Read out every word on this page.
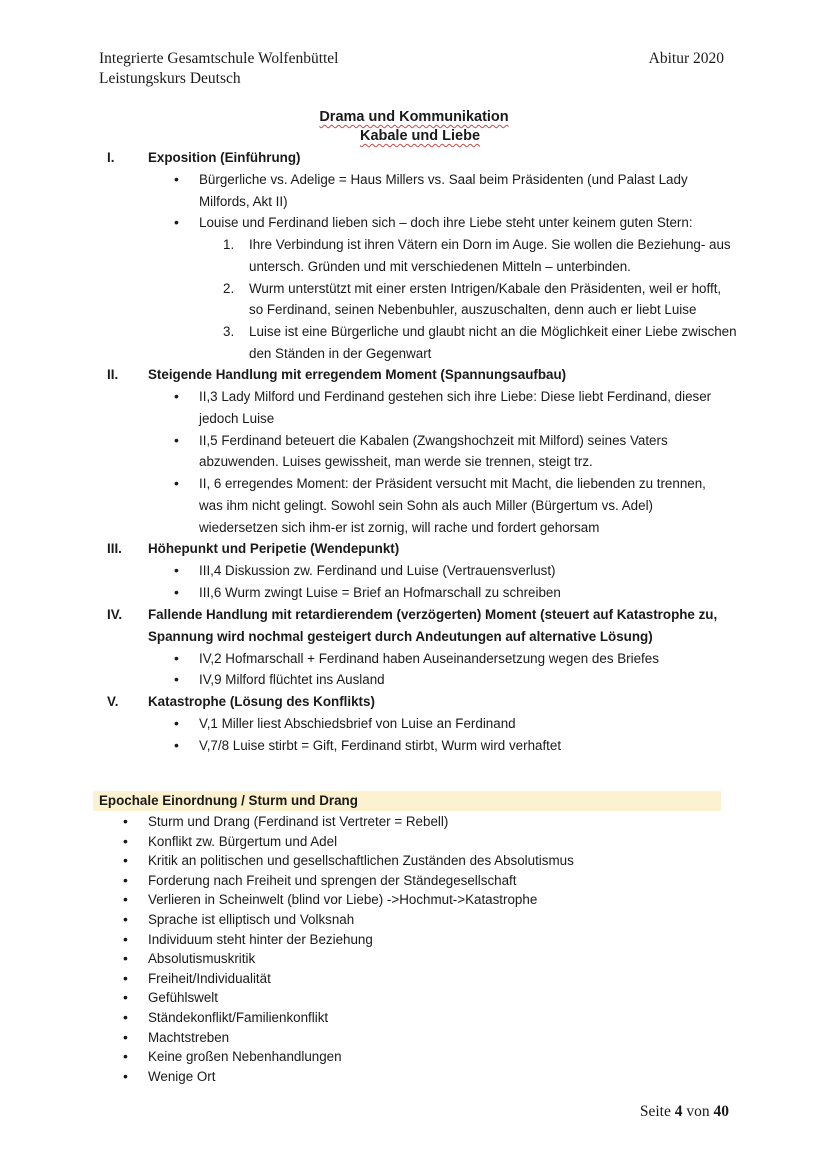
Integrierte Gesamtschule Wolfenbüttel
Leistungskurs Deutsch
Abitur 2020
Drama und Kommunikation
Kabale und Liebe
I.	Exposition (Einführung)
• Bürgerliche vs. Adelige = Haus Millers vs. Saal beim Präsidenten (und Palast Lady Milfords, Akt II)
• Louise und Ferdinand lieben sich – doch ihre Liebe steht unter keinem guten Stern:
1. Ihre Verbindung ist ihren Vätern ein Dorn im Auge. Sie wollen die Beziehung- aus untersch. Gründen und mit verschiedenen Mitteln – unterbinden.
2. Wurm unterstützt mit einer ersten Intrigen/Kabale den Präsidenten, weil er hofft, so Ferdinand, seinen Nebenbuhler, auszuschalten, denn auch er liebt Luise
3. Luise ist eine Bürgerliche und glaubt nicht an die Möglichkeit einer Liebe zwischen den Ständen in der Gegenwart
II.	Steigende Handlung mit erregendem Moment (Spannungsaufbau)
• II,3 Lady Milford und Ferdinand gestehen sich ihre Liebe: Diese liebt Ferdinand, dieser jedoch Luise
• II,5 Ferdinand beteuert die Kabalen (Zwangshochzeit mit Milford) seines Vaters abzuwenden. Luises gewissheit, man werde sie trennen, steigt trz.
• II, 6 erregendes Moment: der Präsident versucht mit Macht, die liebenden zu trennen, was ihm nicht gelingt. Sowohl sein Sohn als auch Miller (Bürgertum vs. Adel) wiedersetzen sich ihm-er ist zornig, will rache und fordert gehorsam
III.	Höhepunkt und Peripetie (Wendepunkt)
• III,4 Diskussion zw. Ferdinand und Luise (Vertrauensverlust)
• III,6 Wurm zwingt Luise = Brief an Hofmarschall zu schreiben
IV.	Fallende Handlung mit retardierendem (verzögerten) Moment (steuert auf Katastrophe zu, Spannung wird nochmal gesteigert durch Andeutungen auf alternative Lösung)
• IV,2 Hofmarschall + Ferdinand haben Auseinandersetzung wegen des Briefes
• IV,9 Milford flüchtet ins Ausland
V.	Katastrophe (Lösung des Konflikts)
• V,1 Miller liest Abschiedsbrief von Luise an Ferdinand
• V,7/8 Luise stirbt = Gift, Ferdinand stirbt, Wurm wird verhaftet
Epochale Einordnung / Sturm und Drang
• Sturm und Drang (Ferdinand ist Vertreter = Rebell)
• Konflikt zw. Bürgertum und Adel
• Kritik an politischen und gesellschaftlichen Zuständen des Absolutismus
• Forderung nach Freiheit und sprengen der Ständegesellschaft
• Verlieren in Scheinwelt (blind vor Liebe) ->Hochmut->Katastrophe
• Sprache ist elliptisch und Volksnah
• Individuum steht hinter der Beziehung
• Absolutismuskritik
• Freiheit/Individualität
• Gefühlswelt
• Ständekonflikt/Familienkonflikt
• Machtstreben
• Keine großen Nebenhandlungen
• Wenige Ort
Seite 4 von 40
